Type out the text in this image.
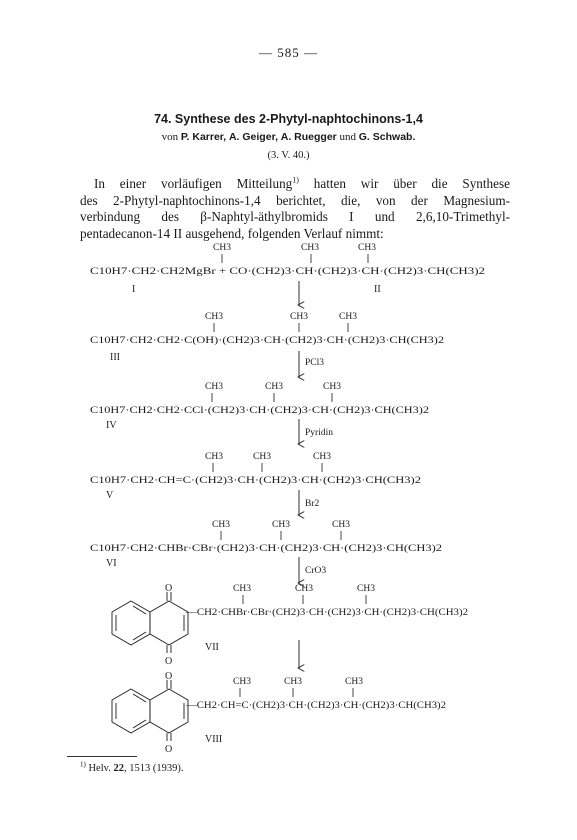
— 585 —
74. Synthese des 2-Phytyl-naphtochinons-1,4
von P. Karrer, A. Geiger, A. Ruegger und G. Schwab.
(3. V. 40.)
In einer vorläufigen Mitteilung$^{1)}$ hatten wir über die Synthese
des 2-Phytyl-naphtochinons-1,4 berichtet, die, von der Magnesium-
verbindung des β-Naphtyl-äthylbromids I und 2,6,10-Trimethyl-
pentadecanon-14 II ausgehend, folgenden Verlauf nimmt:
CH3	CH3	CH3
C10H7·CH2·CH2MgBr + CO·(CH2)3·CH·(CH2)3·CH·(CH2)3·CH(CH3)2
I	II
CH3	CH3	CH3
C10H7·CH2·CH2·C(OH)·(CH2)3·CH·(CH2)3·CH·(CH2)3·CH(CH3)2
III	PCl3
CH3	CH3	CH3
C10H7·CH2·CH2·CCl·(CH2)3·CH·(CH2)3·CH·(CH2)3·CH(CH3)2
IV
Pyridin
CH3	CH3	CH3
C10H7·CH2·CH=C·(CH2)3·CH·(CH2)3·CH·(CH2)3·CH(CH3)2
V
Br2
CH3	CH3	CH3
C10H7·CH2·CHBr·CBr·(CH2)3·CH·(CH2)3·CH·(CH2)3·CH(CH3)2
VI
CrO3
O
O
CH3	CH3	CH3
—CH2·CHBr·CBr·(CH2)3·CH·(CH2)3·CH·(CH2)3·CH(CH3)2
VII
O
O
CH3	CH3	CH3
—CH2·CH=C·(CH2)3·CH·(CH2)3·CH·(CH2)3·CH(CH3)2
VIII
$^{1)}$ Helv. 22, 1513 (1939).
